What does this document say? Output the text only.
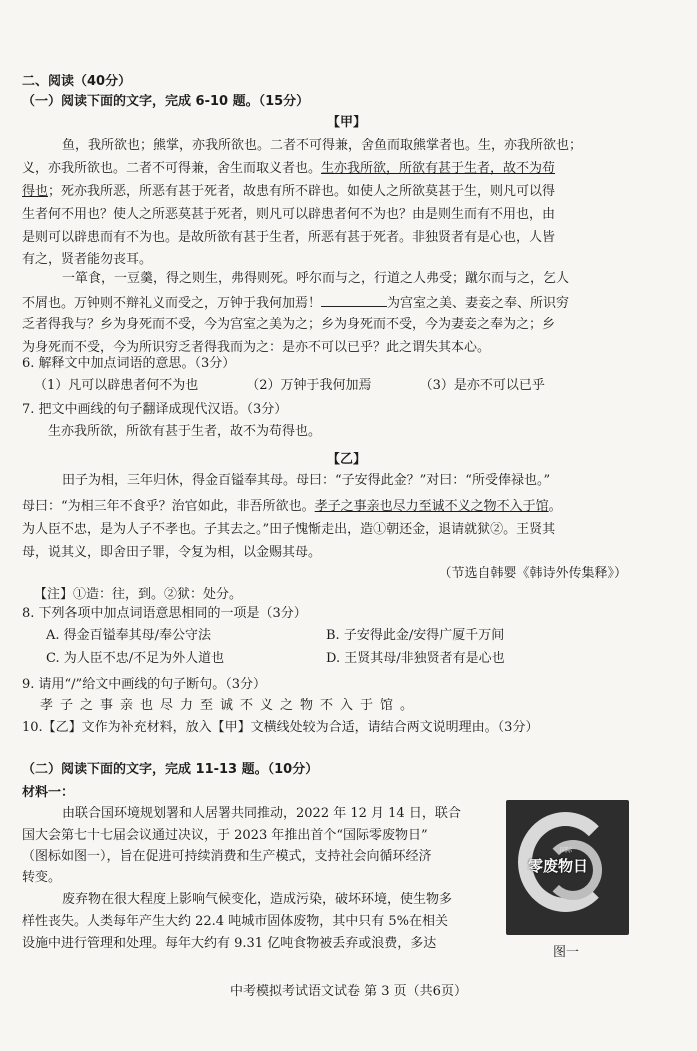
二、阅读（40分）
（一）阅读下面的文字，完成 6-10 题。（15分）
【甲】
鱼，我所欲也；熊掌，亦我所欲也。二者不可得兼，舍鱼而取熊掌者也。生，亦我所欲也；
义，亦我所欲也。二者不可得兼，舍生而取义者也。生亦我所欲，所欲有甚于生者，故不为苟
得也；死亦我所恶，所恶有甚于死者，故患有所不辟也。如使人之所欲莫甚于生，则凡可以得
生者何不用也？使人之所恶莫甚于死者，则凡可以辟患者何不为也？由是则生而有不用也，由
是则可以辟患而有不为也。是故所欲有甚于生者，所恶有甚于死者。非独贤者有是心也，人皆
有之，贤者能勿丧耳。
一箪食，一豆羹，得之则生，弗得则死。呼尔而与之，行道之人弗受；蹴尔而与之，乞人
不屑也。万钟则不辩礼义而受之，万钟于我何加焉！	为宫室之美、妻妾之奉、所识穷
乏者得我与？乡为身死而不受，今为宫室之美为之；乡为身死而不受，今为妻妾之奉为之；乡
为身死而不受，今为所识穷乏者得我而为之：是亦不可以已乎？此之谓失其本心。
6. 解释文中加点词语的意思。（3分）
（1）凡可以辟患者何不为也	（2）万钟于我何加焉	（3）是亦不可以已乎
7. 把文中画线的句子翻译成现代汉语。（3分）
生亦我所欲，所欲有甚于生者，故不为苟得也。
【乙】
田子为相，三年归休，得金百镒奉其母。母曰：“子安得此金？”对曰：“所受俸禄也。”
母曰：“为相三年不食乎？治官如此，非吾所欲也。孝子之事亲也尽力至诚不义之物不入于馆。
为人臣不忠，是为人子不孝也。子其去之。”田子愧惭走出，造①朝还金，退请就狱②。王贤其
母，说其义，即舍田子罪，令复为相，以金赐其母。
（节选自韩婴《韩诗外传集释》）
【注】①造：往，到。②狱：处分。
8. 下列各项中加点词语意思相同的一项是（3分）
A. 得金百镒奉其母/奉公守法	B. 子安得此金/安得广厦千万间
C. 为人臣不忠/不足为外人道也	D. 王贤其母/非独贤者有是心也
9. 请用“/”给文中画线的句子断句。（3分）
孝子之事亲也尽力至诚不义之物不入于馆。
10.【乙】文作为补充材料，放入【甲】文横线处较为合适，请结合两文说明理由。（3分）
（二）阅读下面的文字，完成 11-13 题。（10分）
材料一：
由联合国环境规划署和人居署共同推动，2022 年 12 月 14 日，联合
国大会第七十七届会议通过决议，于 2023 年推出首个“国际零废物日”
（图标如图一），旨在促进可持续消费和生产模式，支持社会向循环经济
转变。
废弃物在很大程度上影响气候变化，造成污染，破坏环境，使生物多
样性丧失。人类每年产生大约 22.4 吨城市固体废物，其中只有 5%在相关
设施中进行管理和处理。每年大约有 9.31 亿吨食物被丢弃或浪费，多达
国际
零废物日
图一
中考模拟考试语文试卷 第 3 页（共6页）
